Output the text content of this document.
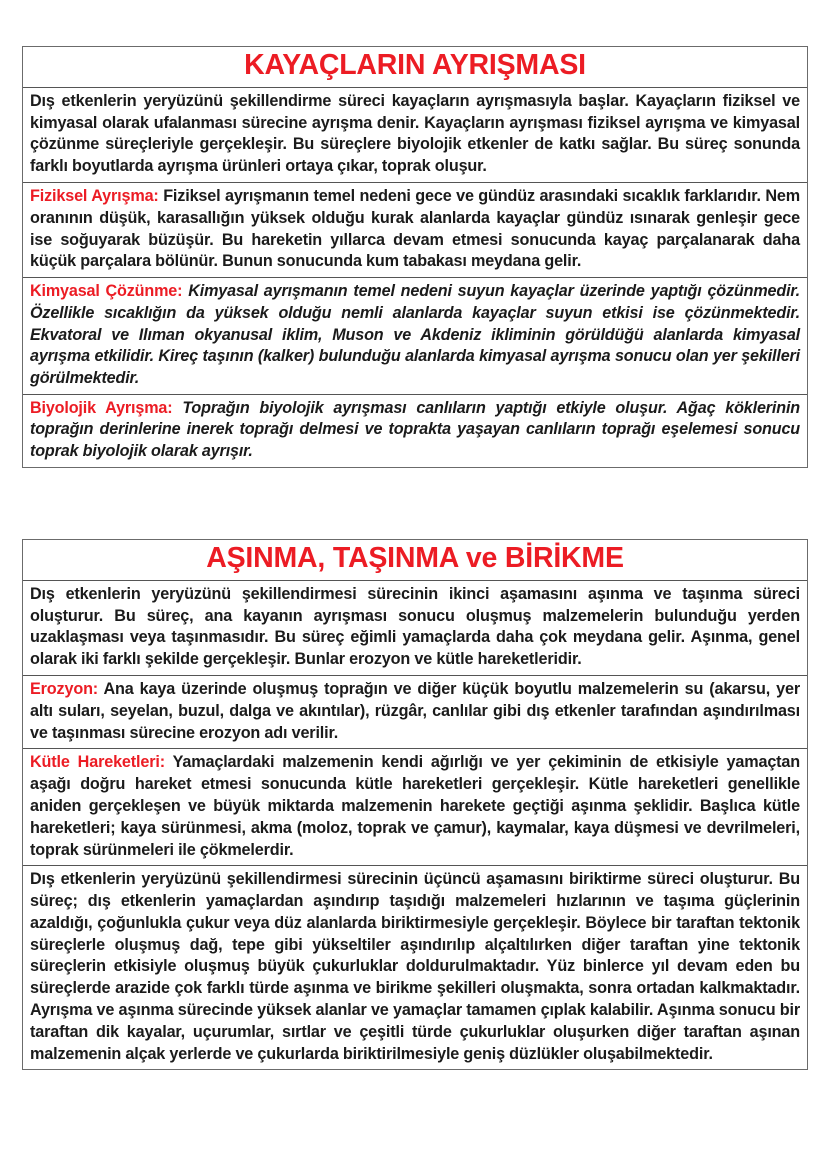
KAYAÇLARIN AYRIŞMASI

Dış etkenlerin yeryüzünü şekillendirme süreci kayaçların ayrışmasıyla başlar. Kayaçların fiziksel ve kimyasal olarak ufalanması sürecine ayrışma denir. Kayaçların ayrışması fiziksel ayrışma ve kimyasal çözünme süreçleriyle gerçekleşir. Bu süreçlere biyolojik etkenler de katkı sağlar. Bu süreç sonunda farklı boyutlarda ayrışma ürünleri ortaya çıkar, toprak oluşur.

Fiziksel Ayrışma: Fiziksel ayrışmanın temel nedeni gece ve gündüz arasındaki sıcaklık farklarıdır. Nem oranının düşük, karasallığın yüksek olduğu kurak alanlarda kayaçlar gündüz ısınarak genleşir gece ise soğuyarak büzüşür. Bu hareketin yıllarca devam etmesi sonucunda kayaç parçalanarak daha küçük parçalara bölünür. Bunun sonucunda kum tabakası meydana gelir.

Kimyasal Çözünme: Kimyasal ayrışmanın temel nedeni suyun kayaçlar üzerinde yaptığı çözünmedir. Özellikle sıcaklığın da yüksek olduğu nemli alanlarda kayaçlar suyun etkisi ise çözünmektedir. Ekvatoral ve Ilıman okyanusal iklim, Muson ve Akdeniz ikliminin görüldüğü alanlarda kimyasal ayrışma etkilidir. Kireç taşının (kalker) bulunduğu alanlarda kimyasal ayrışma sonucu olan yer şekilleri görülmektedir.

Biyolojik Ayrışma: Toprağın biyolojik ayrışması canlıların yaptığı etkiyle oluşur. Ağaç köklerinin toprağın derinlerine inerek toprağı delmesi ve toprakta yaşayan canlıların toprağı eşelemesi sonucu toprak biyolojik olarak ayrışır.

AŞINMA, TAŞINMA ve BİRİKME

Dış etkenlerin yeryüzünü şekillendirmesi sürecinin ikinci aşamasını aşınma ve taşınma süreci oluşturur. Bu süreç, ana kayanın ayrışması sonucu oluşmuş malzemelerin bulunduğu yerden uzaklaşması veya taşınmasıdır. Bu süreç eğimli yamaçlarda daha çok meydana gelir. Aşınma, genel olarak iki farklı şekilde gerçekleşir. Bunlar erozyon ve kütle hareketleridir.

Erozyon: Ana kaya üzerinde oluşmuş toprağın ve diğer küçük boyutlu malzemelerin su (akarsu, yer altı suları, seyelan, buzul, dalga ve akıntılar), rüzgâr, canlılar gibi dış etkenler tarafından aşındırılması ve taşınması sürecine erozyon adı verilir.

Kütle Hareketleri: Yamaçlardaki malzemenin kendi ağırlığı ve yer çekiminin de etkisiyle yamaçtan aşağı doğru hareket etmesi sonucunda kütle hareketleri gerçekleşir. Kütle hareketleri genellikle aniden gerçekleşen ve büyük miktarda malzemenin harekete geçtiği aşınma şeklidir. Başlıca kütle hareketleri; kaya sürünmesi, akma (moloz, toprak ve çamur), kaymalar, kaya düşmesi ve devrilmeleri, toprak sürünmeleri ile çökmelerdir.

Dış etkenlerin yeryüzünü şekillendirmesi sürecinin üçüncü aşamasını biriktirme süreci oluşturur. Bu süreç; dış etkenlerin yamaçlardan aşındırıp taşıdığı malzemeleri hızlarının ve taşıma güçlerinin azaldığı, çoğunlukla çukur veya düz alanlarda biriktirmesiyle gerçekleşir. Böylece bir taraftan tektonik süreçlerle oluşmuş dağ, tepe gibi yükseltiler aşındırılıp alçaltılırken diğer taraftan yine tektonik süreçlerin etkisiyle oluşmuş büyük çukurluklar doldurulmaktadır. Yüz binlerce yıl devam eden bu süreçlerde arazide çok farklı türde aşınma ve birikme şekilleri oluşmakta, sonra ortadan kalkmaktadır. Ayrışma ve aşınma sürecinde yüksek alanlar ve yamaçlar tamamen çıplak kalabilir. Aşınma sonucu bir taraftan dik kayalar, uçurumlar, sırtlar ve çeşitli türde çukurluklar oluşurken diğer taraftan aşınan malzemenin alçak yerlerde ve çukurlarda biriktirilmesiyle geniş düzlükler oluşabilmektedir.
